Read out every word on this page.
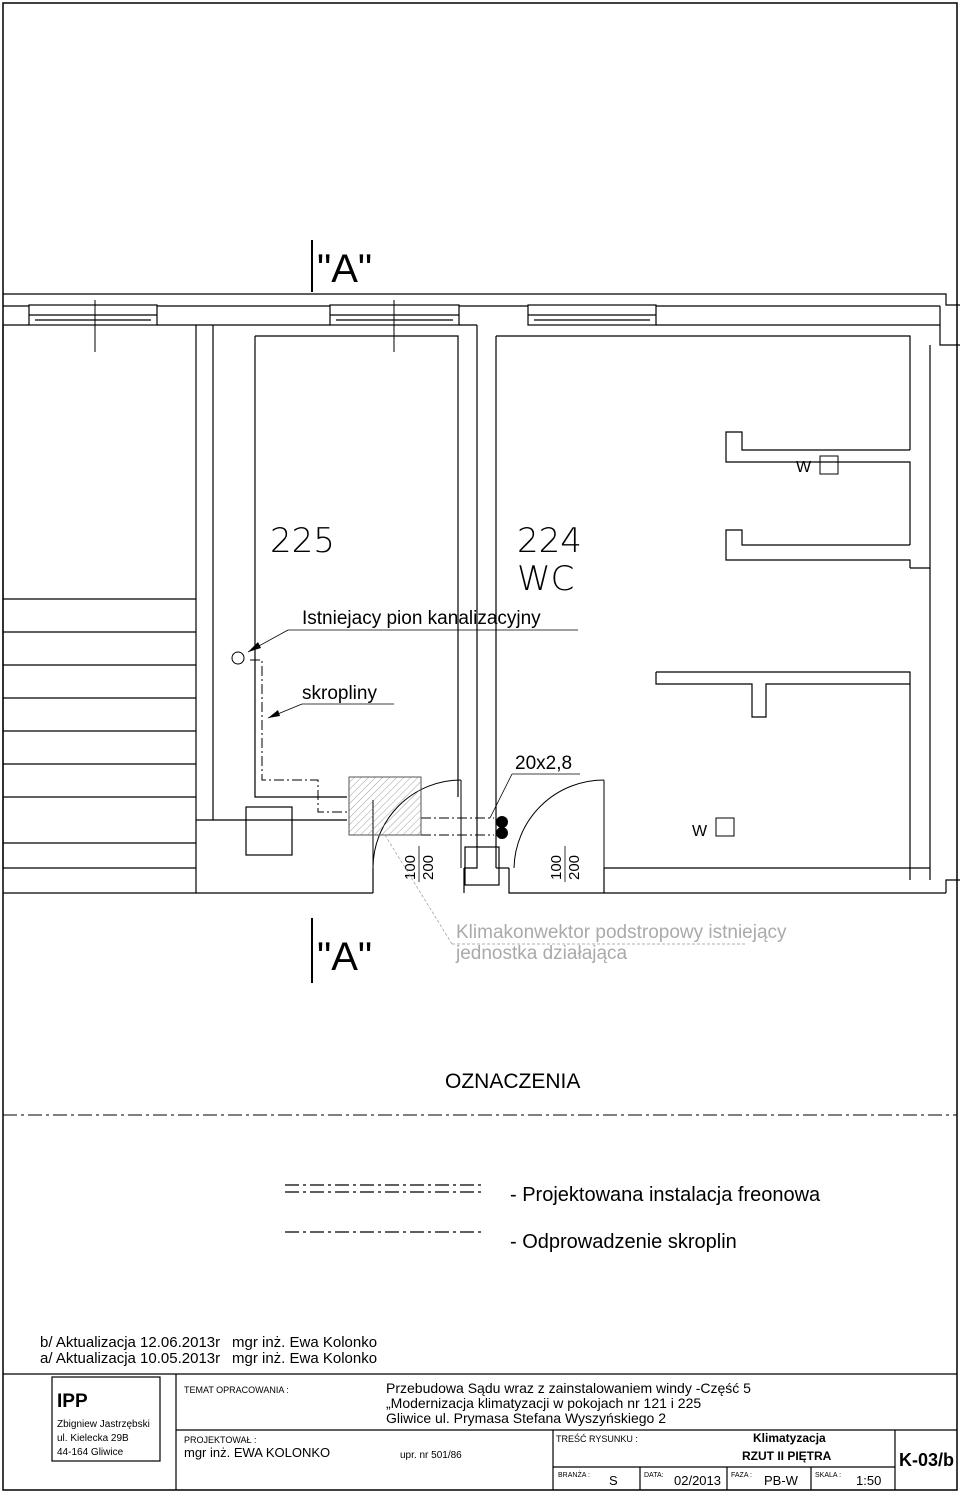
"A"
"A"
225	224
WC
Istniejacy pion kanalizacyjny
skropliny
20x2,8
W
W
100 200	100 200
Klimakonwektor podstropowy istniejący
jednostka działająca
OZNACZENIA
- Projektowana instalacja freonowa
- Odprowadzenie skroplin
b/ Aktualizacja 12.06.2013r mgr inż. Ewa Kolonko
a/ Aktualizacja 10.05.2013r mgr inż. Ewa Kolonko
IPP
Zbigniew Jastrzębski
ul. Kielecka 29B
44-164 Gliwice
TEMAT OPRACOWANIA :	Przebudowa Sądu wraz z zainstalowaniem windy -Część 5
„Modernizacja klimatyzacji w pokojach nr 121 i 225
Gliwice ul. Prymasa Stefana Wyszyńskiego 2
PROJEKTOWAŁ :
mgr inż. EWA KOLONKO	upr. nr 501/86
TREŚĆ RYSUNKU :	Klimatyzacja
RZUT II PIĘTRA	K-03/b
BRANŻA : S	DATA: 02/2013 FAZA : PB-W SKALA : 1:50
